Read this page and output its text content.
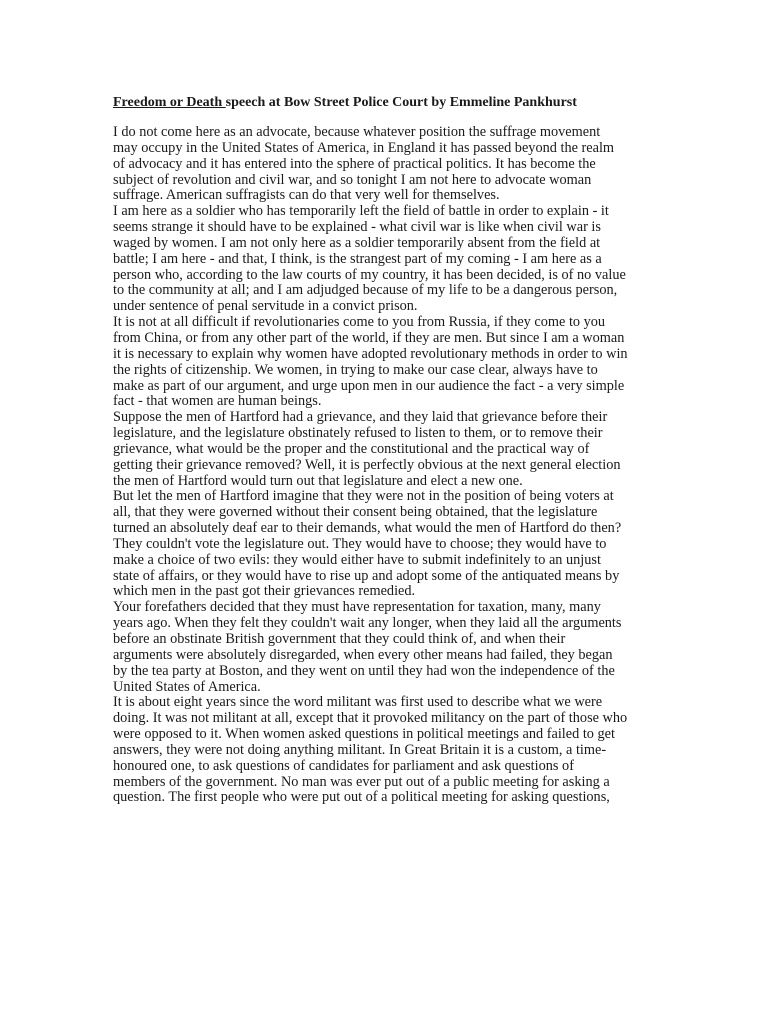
Freedom or Death speech at Bow Street Police Court by Emmeline Pankhurst
I do not come here as an advocate, because whatever position the suffrage movement
may occupy in the United States of America, in England it has passed beyond the realm
of advocacy and it has entered into the sphere of practical politics. It has become the
subject of revolution and civil war, and so tonight I am not here to advocate woman
suffrage. American suffragists can do that very well for themselves.
I am here as a soldier who has temporarily left the field of battle in order to explain - it
seems strange it should have to be explained - what civil war is like when civil war is
waged by women. I am not only here as a soldier temporarily absent from the field at
battle; I am here - and that, I think, is the strangest part of my coming - I am here as a
person who, according to the law courts of my country, it has been decided, is of no value
to the community at all; and I am adjudged because of my life to be a dangerous person,
under sentence of penal servitude in a convict prison.
It is not at all difficult if revolutionaries come to you from Russia, if they come to you
from China, or from any other part of the world, if they are men. But since I am a woman
it is necessary to explain why women have adopted revolutionary methods in order to win
the rights of citizenship. We women, in trying to make our case clear, always have to
make as part of our argument, and urge upon men in our audience the fact - a very simple
fact - that women are human beings.
Suppose the men of Hartford had a grievance, and they laid that grievance before their
legislature, and the legislature obstinately refused to listen to them, or to remove their
grievance, what would be the proper and the constitutional and the practical way of
getting their grievance removed? Well, it is perfectly obvious at the next general election
the men of Hartford would turn out that legislature and elect a new one.
But let the men of Hartford imagine that they were not in the position of being voters at
all, that they were governed without their consent being obtained, that the legislature
turned an absolutely deaf ear to their demands, what would the men of Hartford do then?
They couldn't vote the legislature out. They would have to choose; they would have to
make a choice of two evils: they would either have to submit indefinitely to an unjust
state of affairs, or they would have to rise up and adopt some of the antiquated means by
which men in the past got their grievances remedied.
Your forefathers decided that they must have representation for taxation, many, many
years ago. When they felt they couldn't wait any longer, when they laid all the arguments
before an obstinate British government that they could think of, and when their
arguments were absolutely disregarded, when every other means had failed, they began
by the tea party at Boston, and they went on until they had won the independence of the
United States of America.
It is about eight years since the word militant was first used to describe what we were
doing. It was not militant at all, except that it provoked militancy on the part of those who
were opposed to it. When women asked questions in political meetings and failed to get
answers, they were not doing anything militant. In Great Britain it is a custom, a time-
honoured one, to ask questions of candidates for parliament and ask questions of
members of the government. No man was ever put out of a public meeting for asking a
question. The first people who were put out of a political meeting for asking questions,
